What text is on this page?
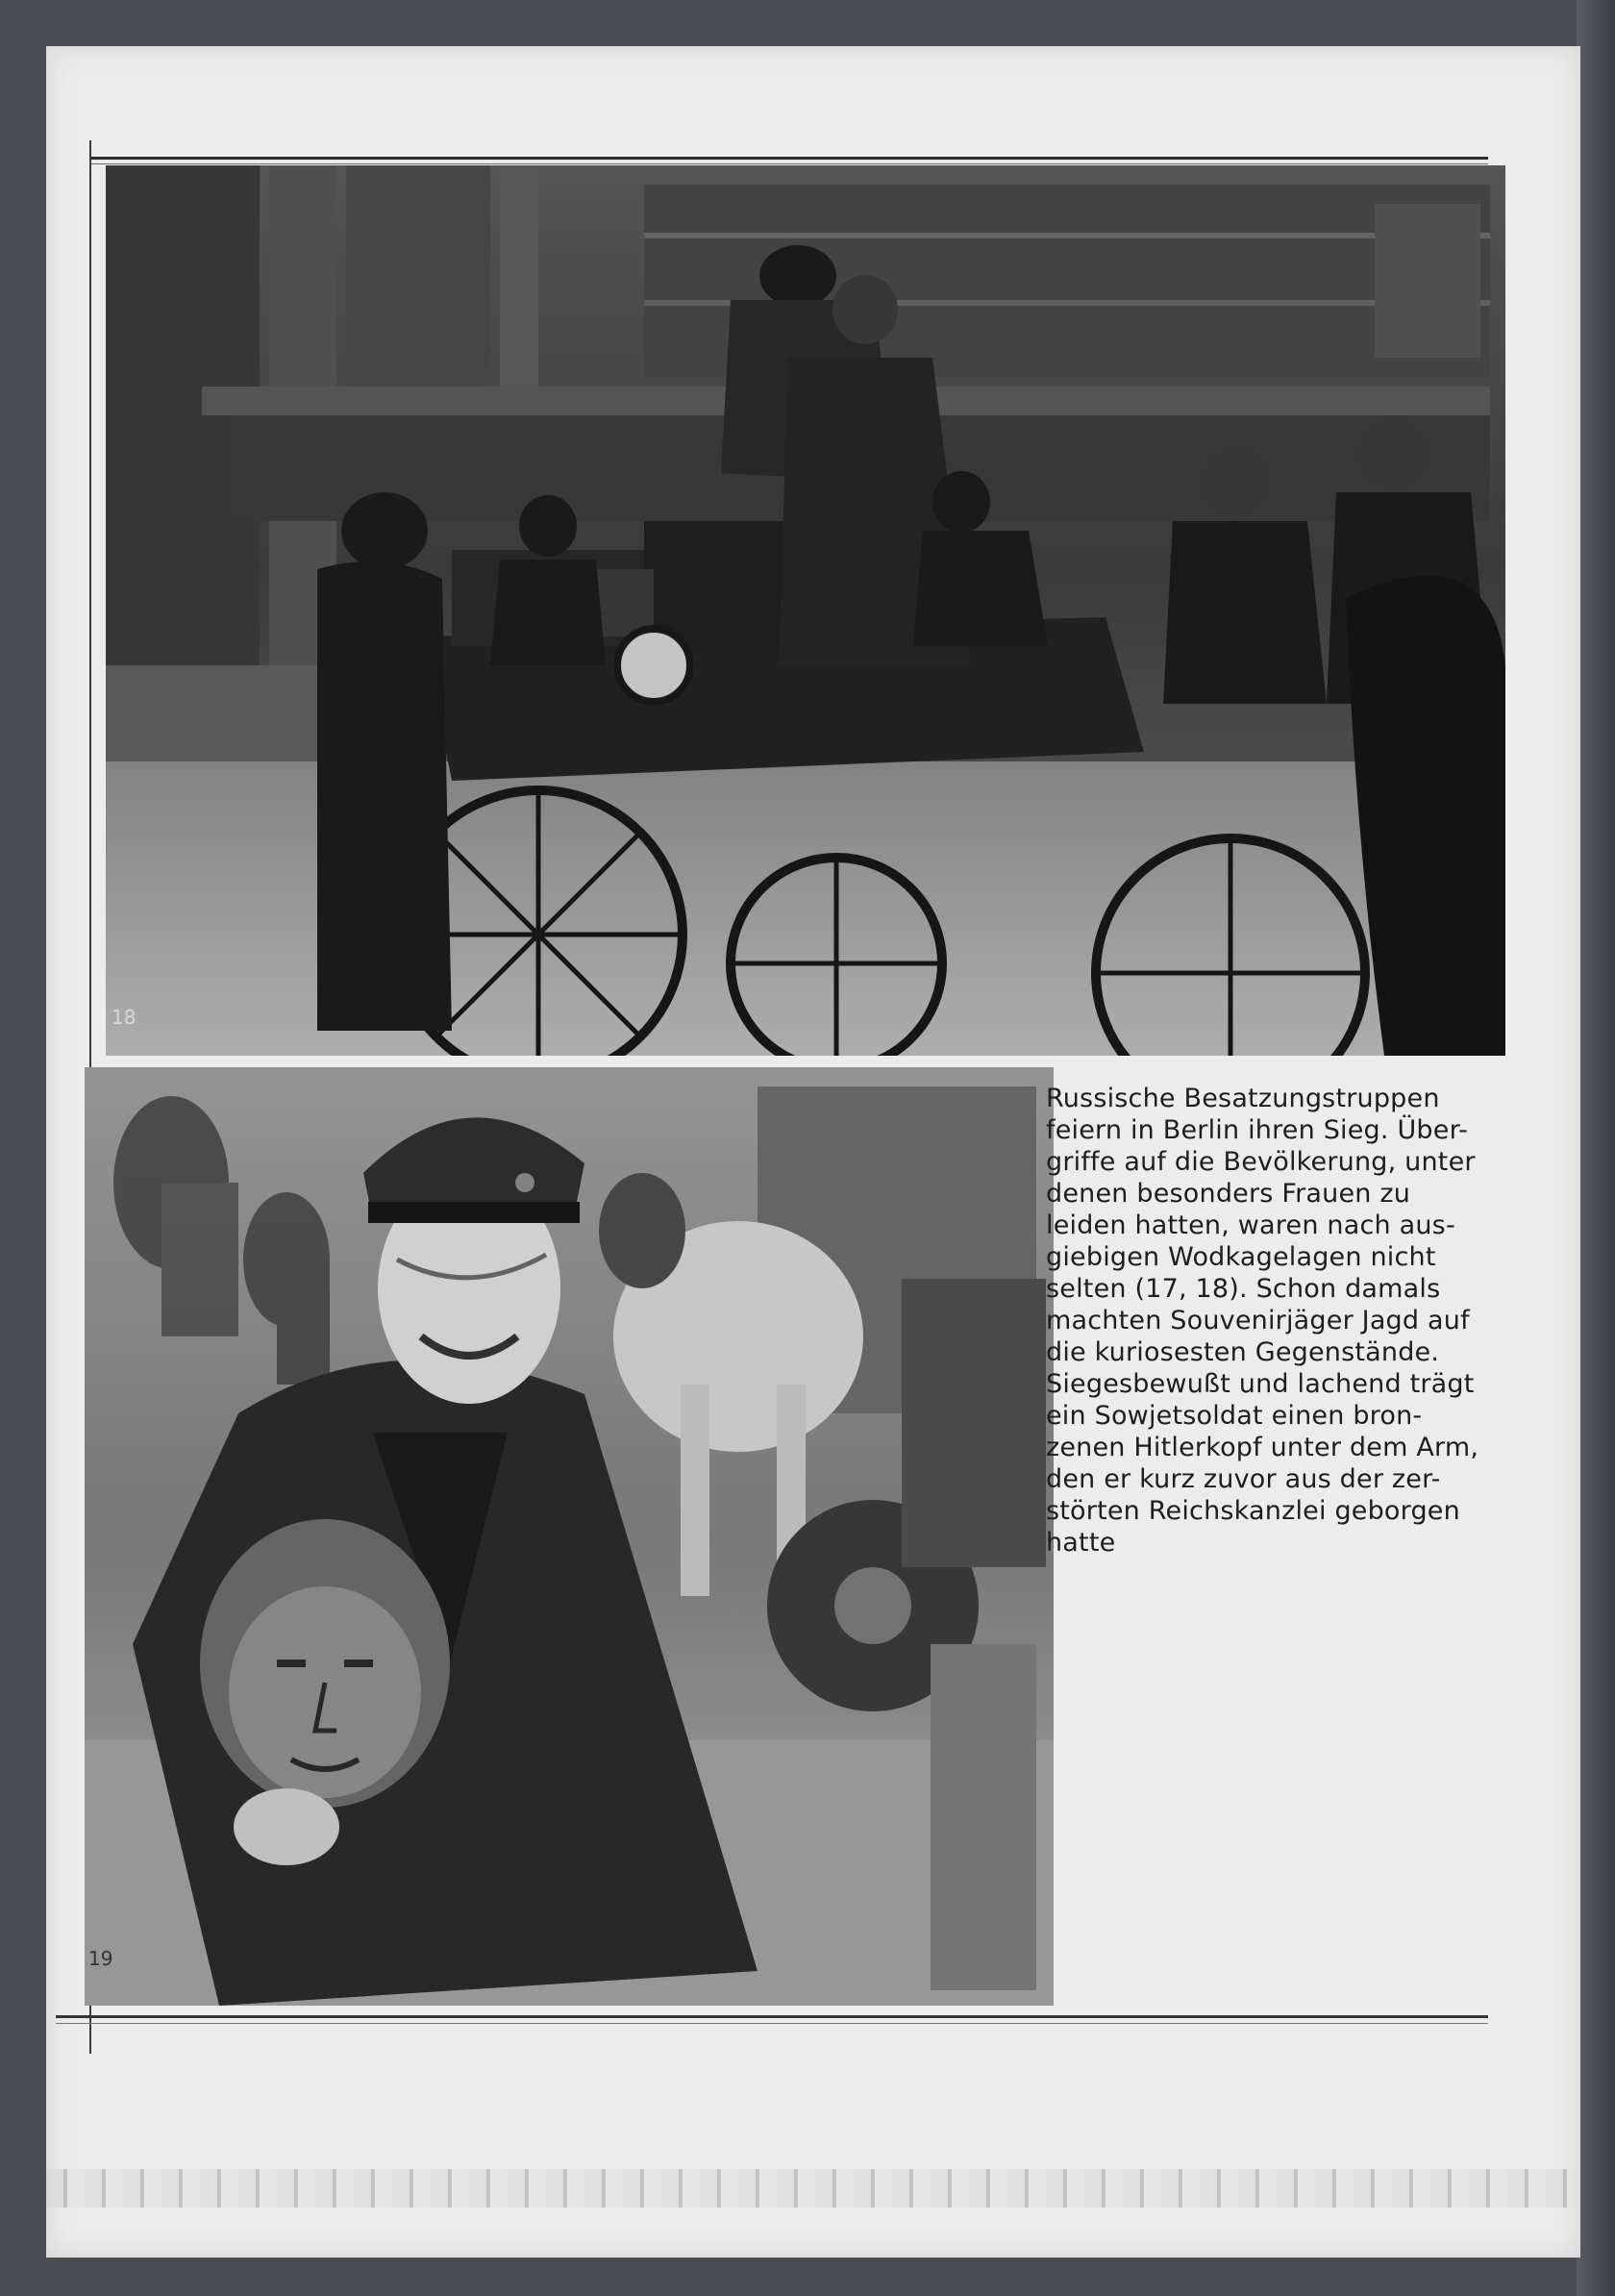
18
19
Russische Besatzungstruppen
feiern in Berlin ihren Sieg. Über-
griffe auf die Bevölkerung, unter
denen besonders Frauen zu
leiden hatten, waren nach aus-
giebigen Wodkagelagen nicht
selten (17, 18). Schon damals
machten Souvenirjäger Jagd auf
die kuriosesten Gegenstände.
Siegesbewußt und lachend trägt
ein Sowjetsoldat einen bron-
zenen Hitlerkopf unter dem Arm,
den er kurz zuvor aus der zer-
störten Reichskanzlei geborgen
hatte
